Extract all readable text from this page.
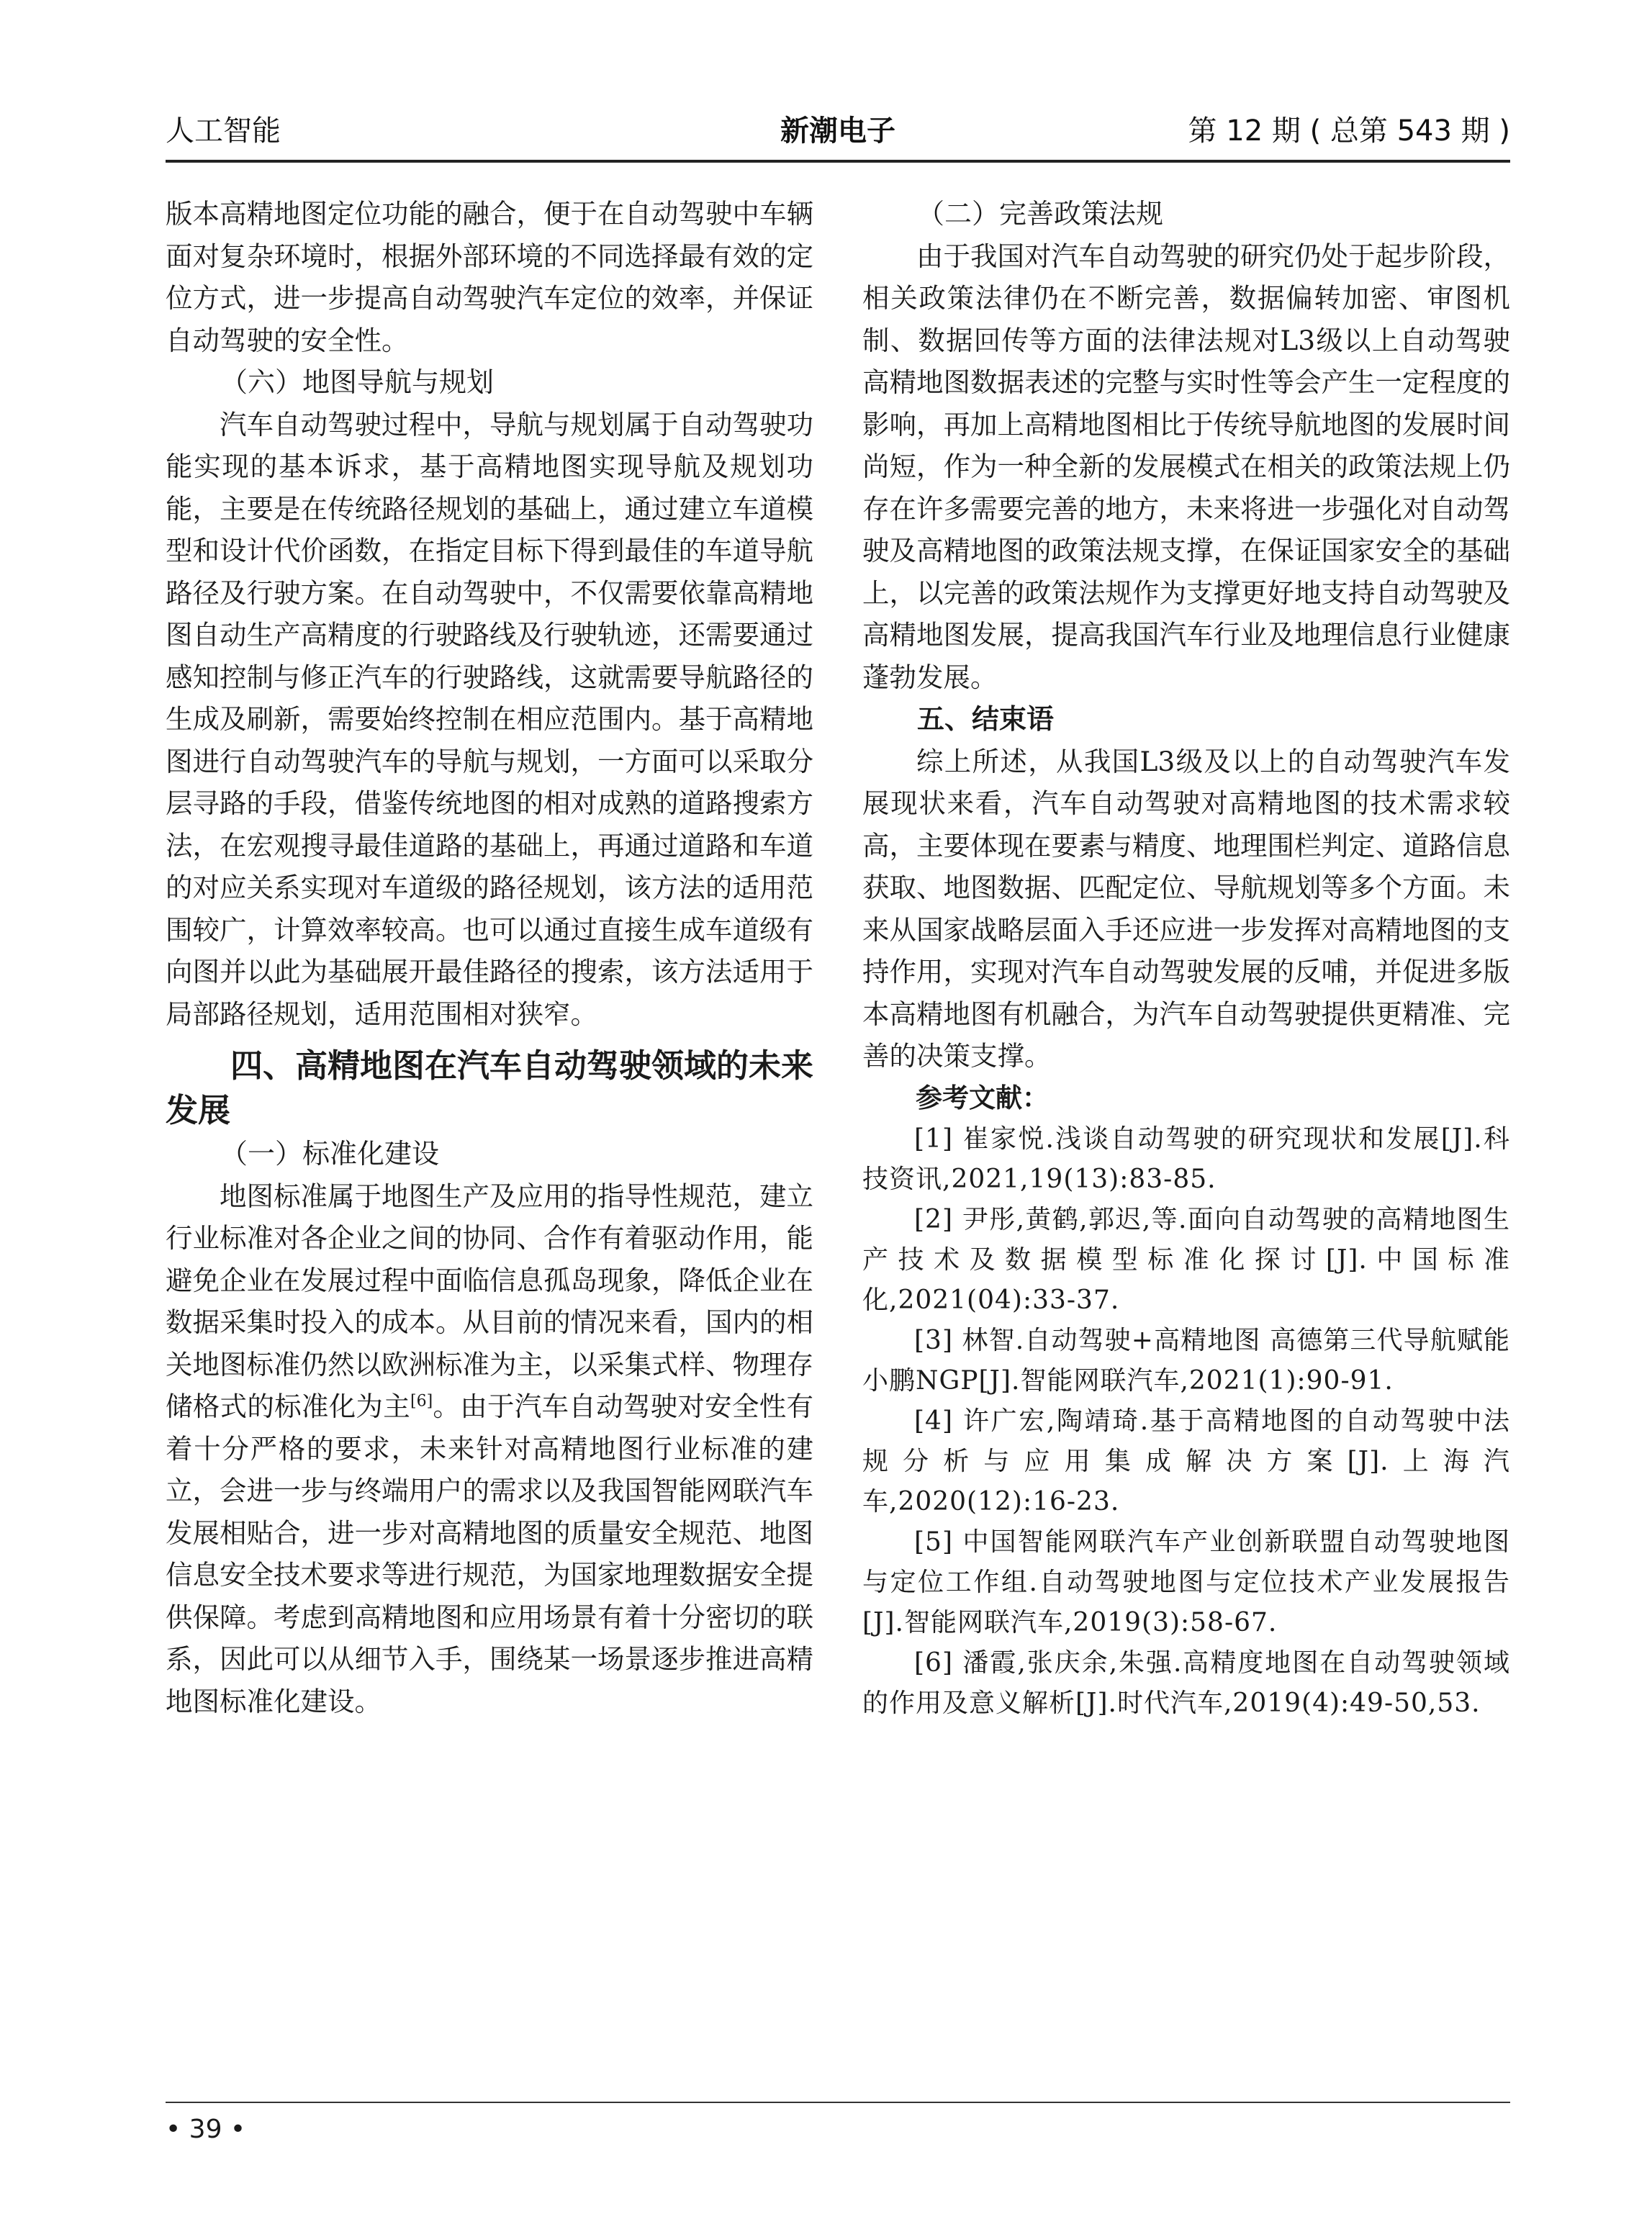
人工智能	新潮电子	第 12 期 ( 总第 543 期 )

版本高精地图定位功能的融合，便于在自动驾驶中车辆面对复杂环境时，根据外部环境的不同选择最有效的定位方式，进一步提高自动驾驶汽车定位的效率，并保证自动驾驶的安全性。

（六）地图导航与规划

汽车自动驾驶过程中，导航与规划属于自动驾驶功能实现的基本诉求，基于高精地图实现导航及规划功能，主要是在传统路径规划的基础上，通过建立车道模型和设计代价函数，在指定目标下得到最佳的车道导航路径及行驶方案。在自动驾驶中，不仅需要依靠高精地图自动生产高精度的行驶路线及行驶轨迹，还需要通过感知控制与修正汽车的行驶路线，这就需要导航路径的生成及刷新，需要始终控制在相应范围内。基于高精地图进行自动驾驶汽车的导航与规划，一方面可以采取分层寻路的手段，借鉴传统地图的相对成熟的道路搜索方法，在宏观搜寻最佳道路的基础上，再通过道路和车道的对应关系实现对车道级的路径规划，该方法的适用范围较广，计算效率较高。也可以通过直接生成车道级有向图并以此为基础展开最佳路径的搜索，该方法适用于局部路径规划，适用范围相对狭窄。

四、高精地图在汽车自动驾驶领域的未来发展
（一）标准化建设

地图标准属于地图生产及应用的指导性规范，建立行业标准对各企业之间的协同、合作有着驱动作用，能避免企业在发展过程中面临信息孤岛现象，降低企业在数据采集时投入的成本。从目前的情况来看，国内的相关地图标准仍然以欧洲标准为主，以采集式样、物理存储格式的标准化为主[6]。由于汽车自动驾驶对安全性有着十分严格的要求，未来针对高精地图行业标准的建立，会进一步与终端用户的需求以及我国智能网联汽车发展相贴合，进一步对高精地图的质量安全规范、地图信息安全技术要求等进行规范，为国家地理数据安全提供保障。考虑到高精地图和应用场景有着十分密切的联系，因此可以从细节入手，围绕某一场景逐步推进高精地图标准化建设。

（二）完善政策法规

由于我国对汽车自动驾驶的研究仍处于起步阶段，相关政策法律仍在不断完善，数据偏转加密、审图机制、数据回传等方面的法律法规对L3级以上自动驾驶高精地图数据表述的完整与实时性等会产生一定程度的影响，再加上高精地图相比于传统导航地图的发展时间尚短，作为一种全新的发展模式在相关的政策法规上仍存在许多需要完善的地方，未来将进一步强化对自动驾驶及高精地图的政策法规支撑，在保证国家安全的基础上，以完善的政策法规作为支撑更好地支持自动驾驶及高精地图发展，提高我国汽车行业及地理信息行业健康蓬勃发展。

五、结束语

综上所述，从我国L3级及以上的自动驾驶汽车发展现状来看，汽车自动驾驶对高精地图的技术需求较高，主要体现在要素与精度、地理围栏判定、道路信息获取、地图数据、匹配定位、导航规划等多个方面。未来从国家战略层面入手还应进一步发挥对高精地图的支持作用，实现对汽车自动驾驶发展的反哺，并促进多版本高精地图有机融合，为汽车自动驾驶提供更精准、完善的决策支撑。

参考文献：

[1] 崔家悦.浅谈自动驾驶的研究现状和发展[J].科技资讯,2021,19(13):83-85.

[2] 尹彤,黄鹤,郭迟,等.面向自动驾驶的高精地图生产技术及数据模型标准化探讨[J].中国标准化,2021(04):33-37.

[3] 林智.自动驾驶+高精地图 高德第三代导航赋能小鹏NGP[J].智能网联汽车,2021(1):90-91.

[4] 许广宏,陶靖琦.基于高精地图的自动驾驶中法规分析与应用集成解决方案[J].上海汽车,2020(12):16-23.

[5] 中国智能网联汽车产业创新联盟自动驾驶地图与定位工作组.自动驾驶地图与定位技术产业发展报告[J].智能网联汽车,2019(3):58-67.

[6] 潘霞,张庆余,朱强.高精度地图在自动驾驶领域的作用及意义解析[J].时代汽车,2019(4):49-50,53.

• 39 •
